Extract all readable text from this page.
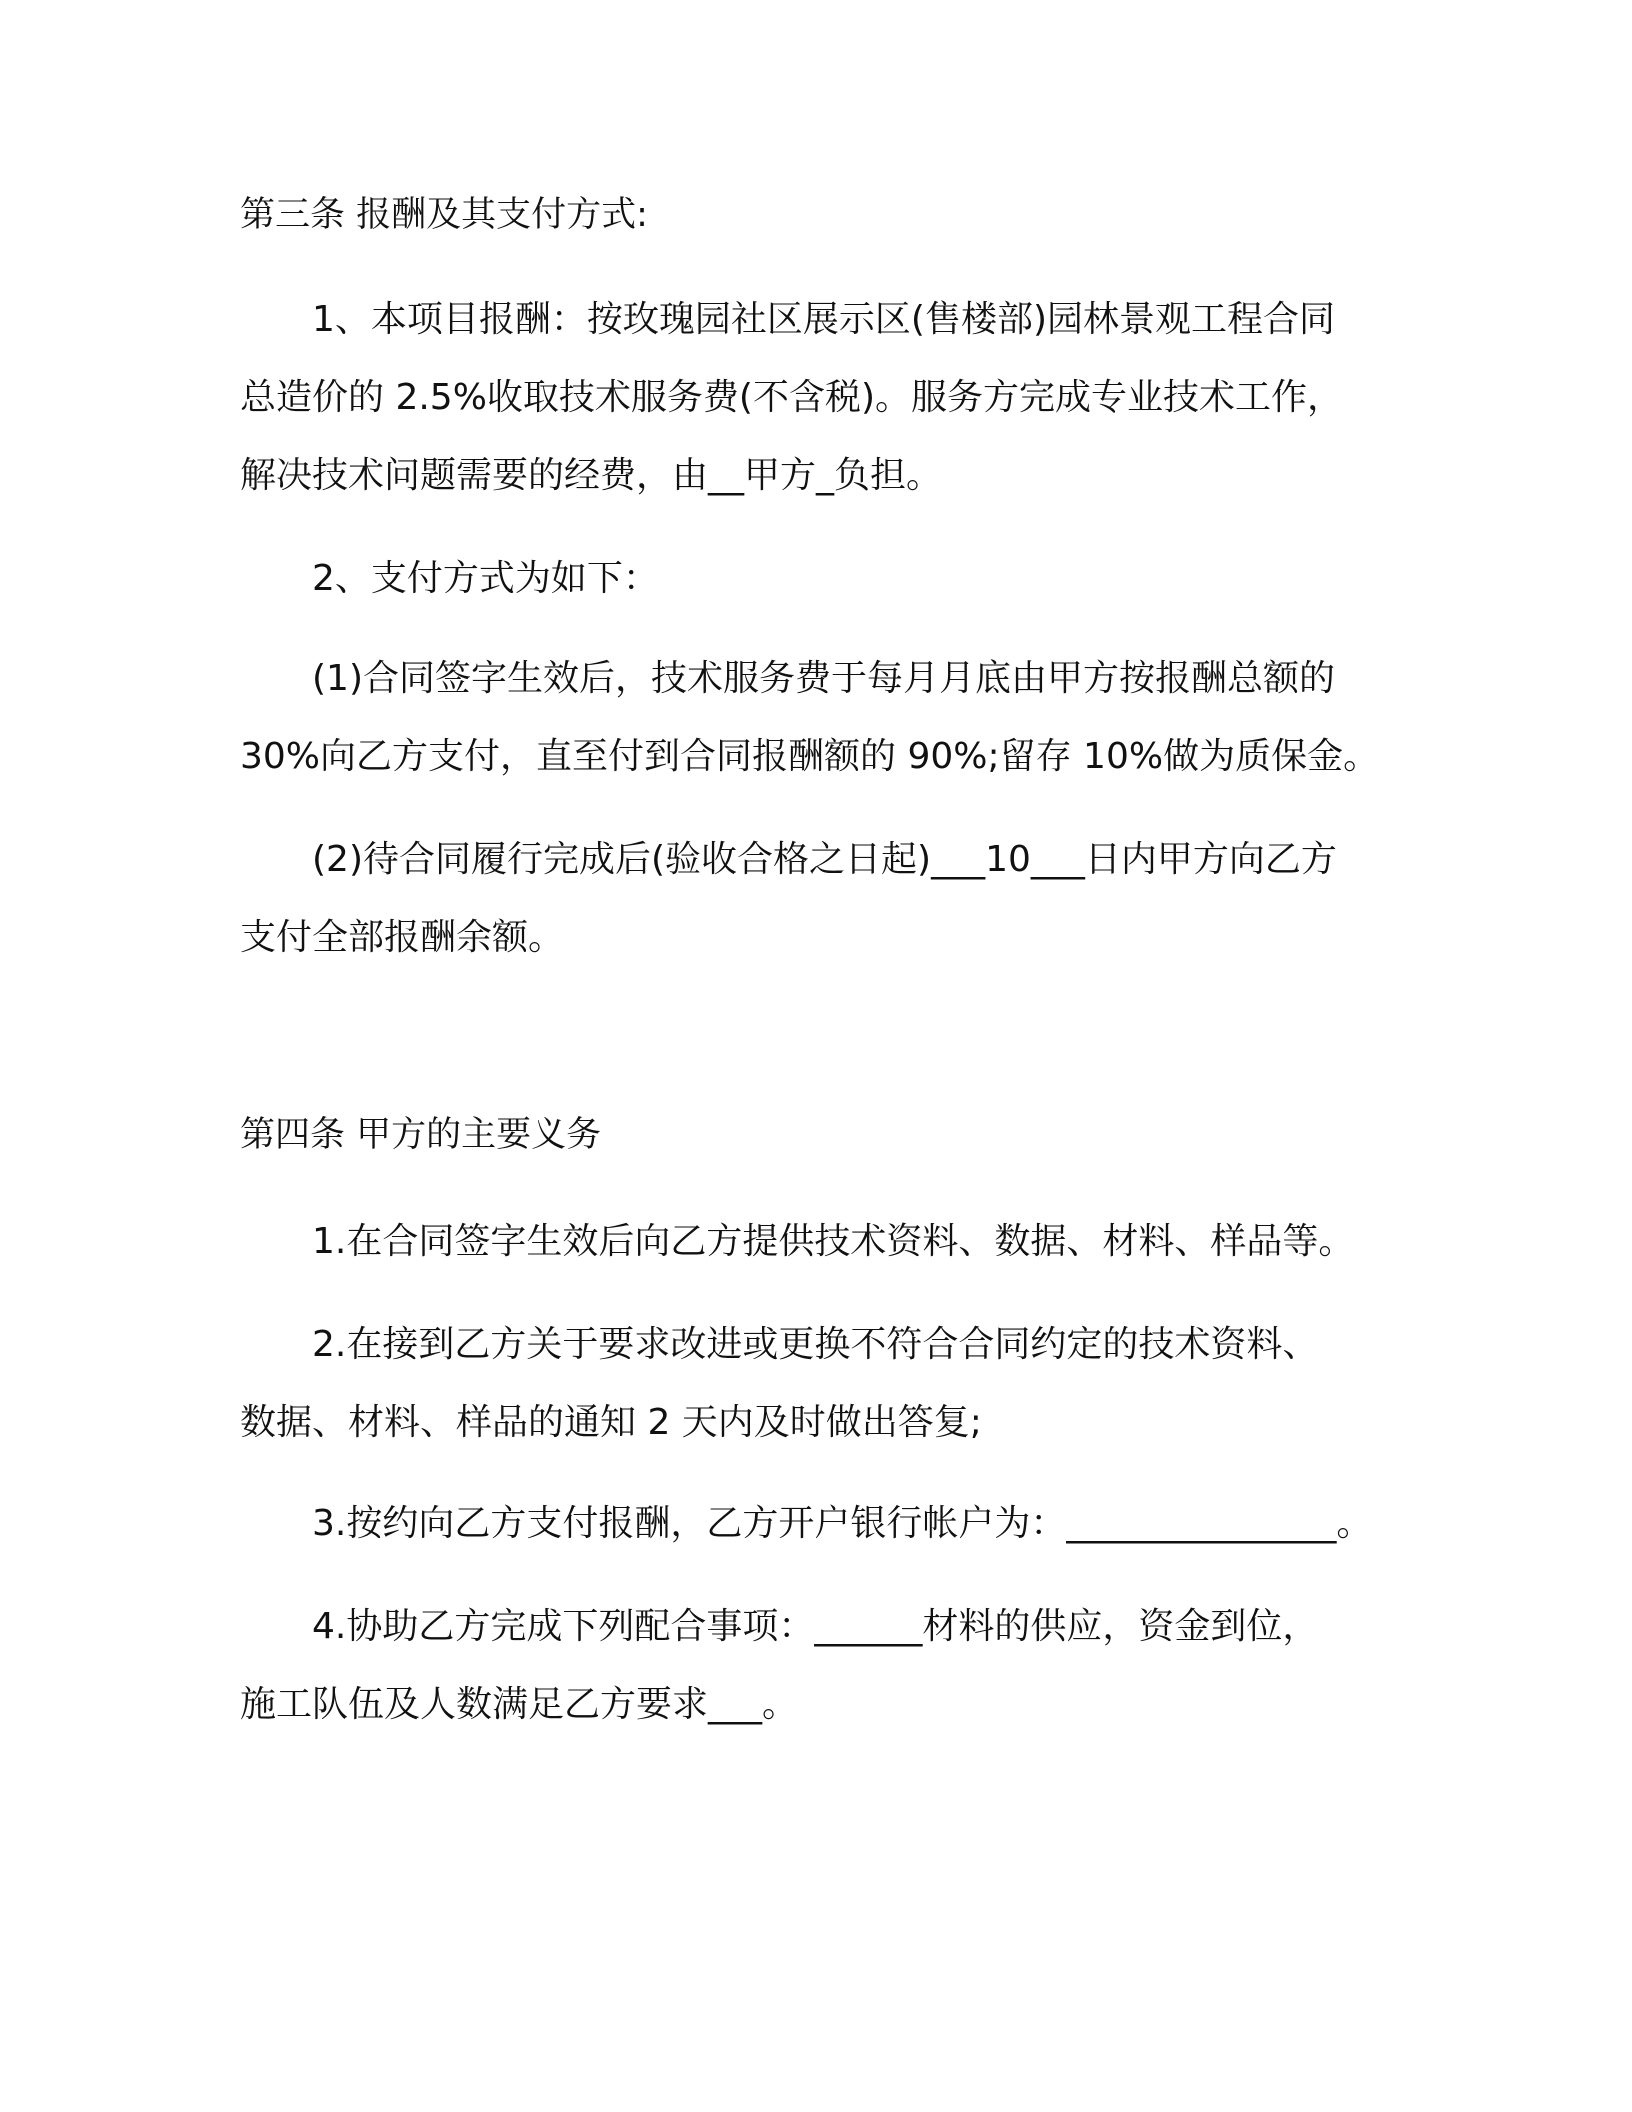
第三条 报酬及其支付方式:
1、本项目报酬：按玫瑰园社区展示区(售楼部)园林景观工程合同
总造价的 2.5%收取技术服务费(不含税)。服务方完成专业技术工作，
解决技术问题需要的经费，由__甲方_负担。
2、支付方式为如下：
(1)合同签字生效后，技术服务费于每月月底由甲方按报酬总额的
30%向乙方支付，直至付到合同报酬额的 90%;留存 10%做为质保金。
(2)待合同履行完成后(验收合格之日起)___10___日内甲方向乙方
支付全部报酬余额。
第四条 甲方的主要义务
1.在合同签字生效后向乙方提供技术资料、数据、材料、样品等。
2.在接到乙方关于要求改进或更换不符合合同约定的技术资料、
数据、材料、样品的通知 2 天内及时做出答复;
3.按约向乙方支付报酬，乙方开户银行帐户为：_______________。
4.协助乙方完成下列配合事项：______材料的供应，资金到位，
施工队伍及人数满足乙方要求___。
